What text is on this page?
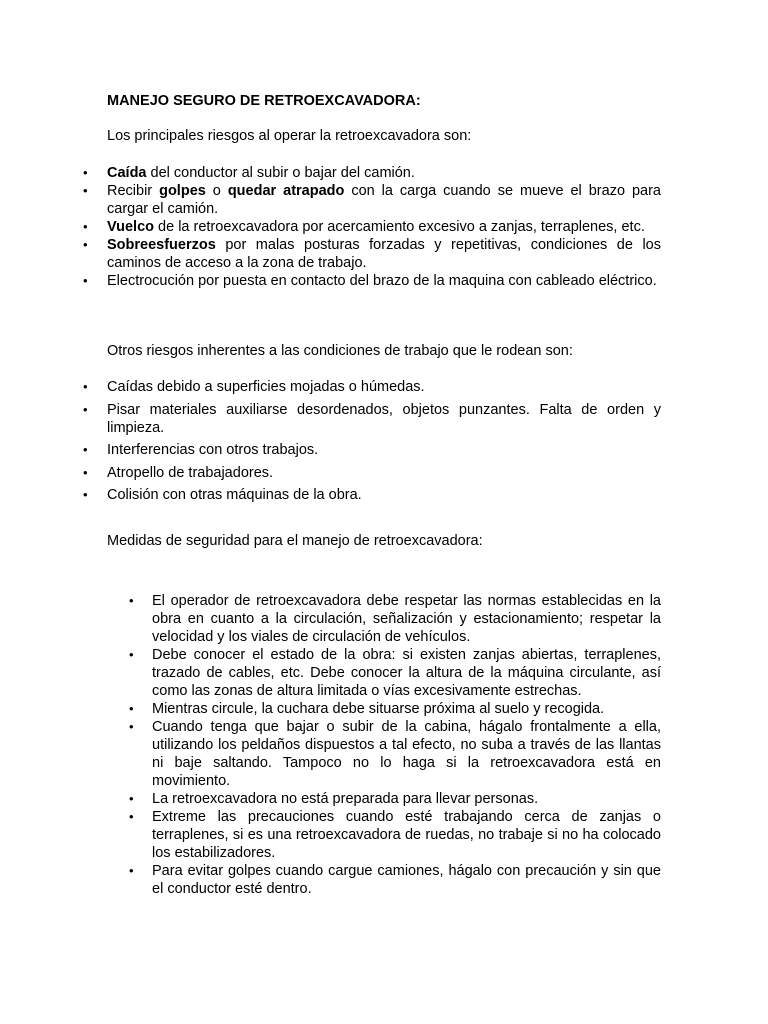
MANEJO SEGURO DE RETROEXCAVADORA:
Los principales riesgos al operar la retroexcavadora son:
• Caída del conductor al subir o bajar del camión.
• Recibir golpes o quedar atrapado con la carga cuando se mueve el brazo para cargar el camión.
• Vuelco de la retroexcavadora por acercamiento excesivo a zanjas, terraplenes, etc.
• Sobreesfuerzos por malas posturas forzadas y repetitivas, condiciones de los caminos de acceso a la zona de trabajo.
• Electrocución por puesta en contacto del brazo de la maquina con cableado eléctrico.
Otros riesgos inherentes a las condiciones de trabajo que le rodean son:
• Caídas debido a superficies mojadas o húmedas.
• Pisar materiales auxiliarse desordenados, objetos punzantes. Falta de orden y limpieza.
• Interferencias con otros trabajos.
• Atropello de trabajadores.
• Colisión con otras máquinas de la obra.
Medidas de seguridad para el manejo de retroexcavadora:
• El operador de retroexcavadora debe respetar las normas establecidas en la obra en cuanto a la circulación, señalización y estacionamiento; respetar la velocidad y los viales de circulación de vehículos.
• Debe conocer el estado de la obra: si existen zanjas abiertas, terraplenes, trazado de cables, etc. Debe conocer la altura de la máquina circulante, así como las zonas de altura limitada o vías excesivamente estrechas.
• Mientras circule, la cuchara debe situarse próxima al suelo y recogida.
• Cuando tenga que bajar o subir de la cabina, hágalo frontalmente a ella, utilizando los peldaños dispuestos a tal efecto, no suba a través de las llantas ni baje saltando. Tampoco no lo haga si la retroexcavadora está en movimiento.
• La retroexcavadora no está preparada para llevar personas.
• Extreme las precauciones cuando esté trabajando cerca de zanjas o terraplenes, si es una retroexcavadora de ruedas, no trabaje si no ha colocado los estabilizadores.
• Para evitar golpes cuando cargue camiones, hágalo con precaución y sin que el conductor esté dentro.
